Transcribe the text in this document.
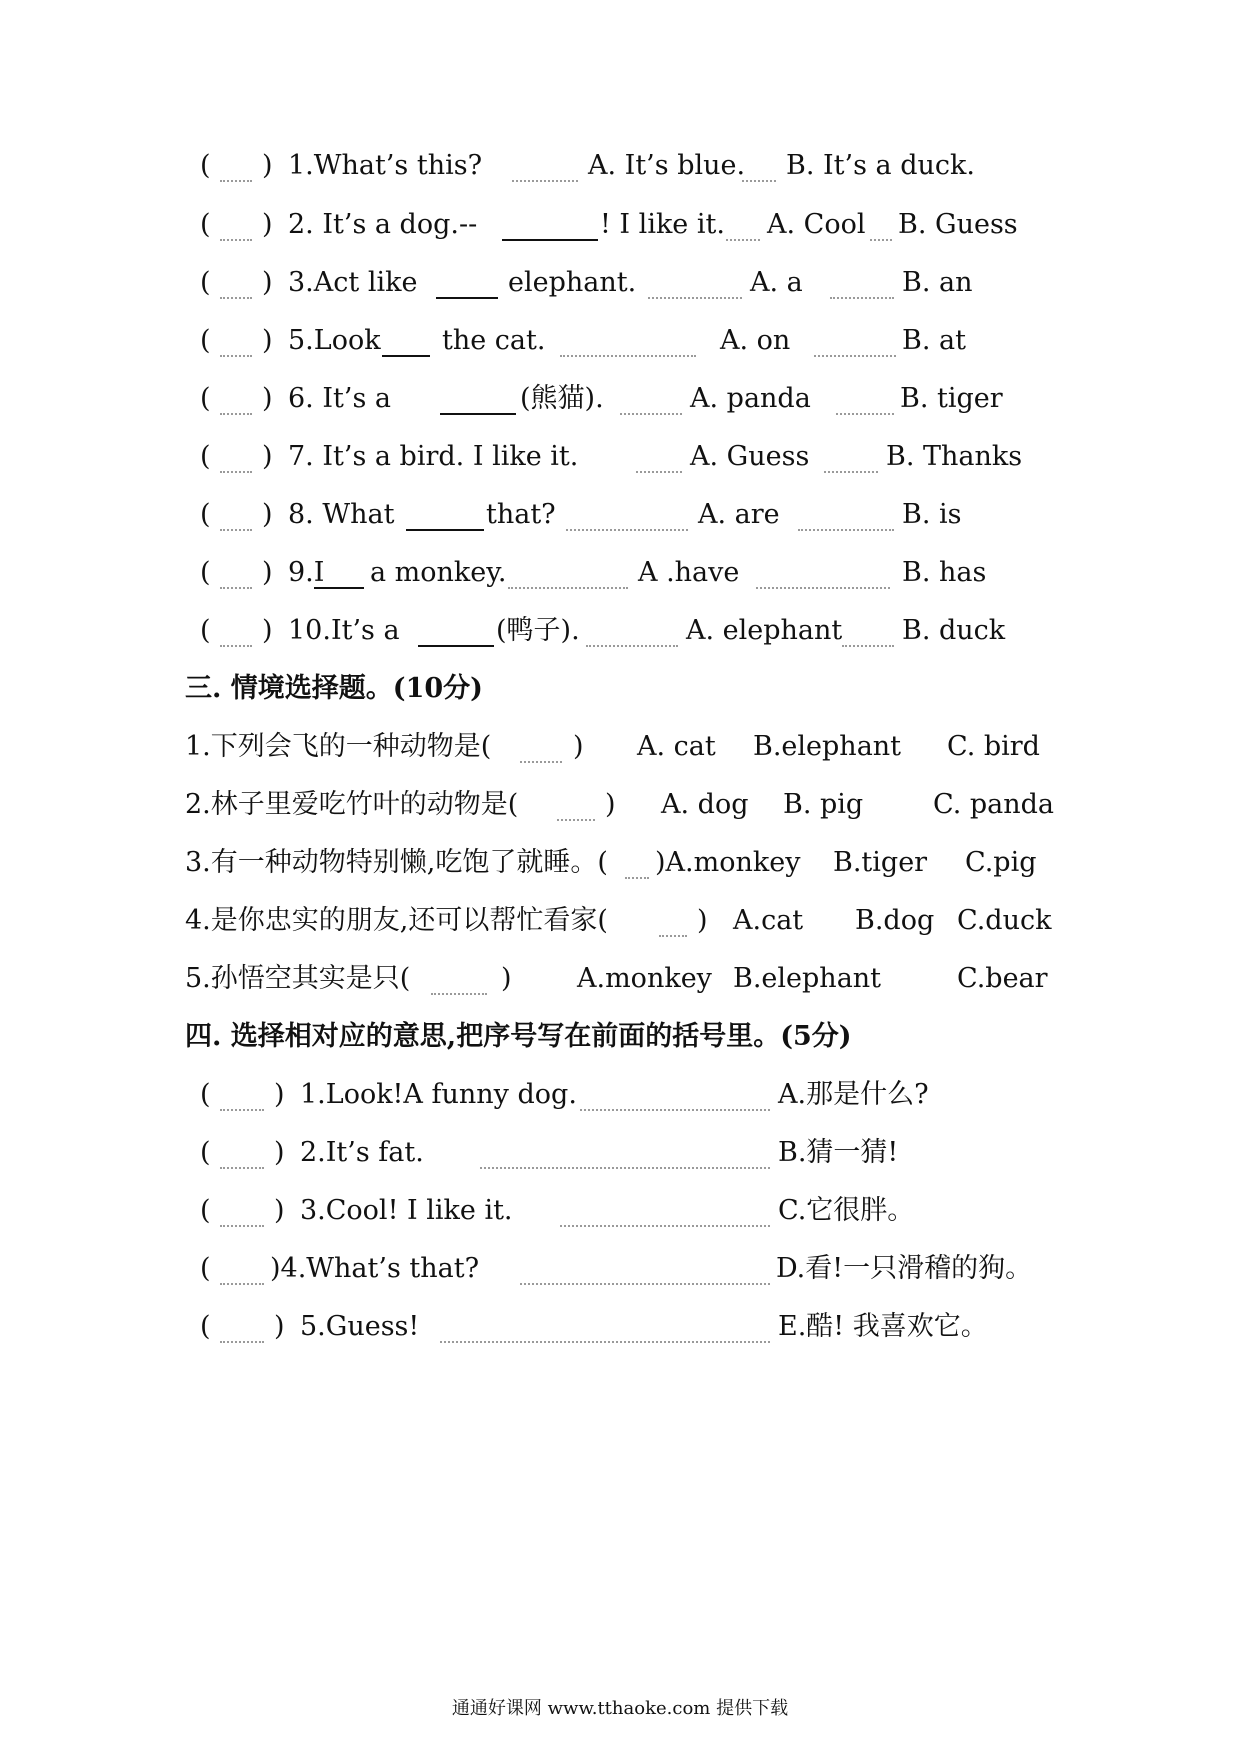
( ) 1.What’s this?	A. It’s blue. B. It’s a duck.
( ) 2. It’s a dog.--	! I like it. A. Cool B. Guess
( ) 3.Act like	elephant.	A. a	B. an
( ) 5.Look the cat.	A. on	B. at
( ) 6. It’s a	(熊猫).	A. panda	B. tiger
( ) 7. It’s a bird. I like it.	A. Guess	B. Thanks
( ) 8. What	that?	A. are	B. is
( ) 9.I a monkey.	A .have	B. has
( ) 10.It’s a	(鸭子).	A. elephant B. duck
三. 情境选择题。(10分)
1.下列会飞的一种动物是(	) A. cat B.elephant C. bird
2.林子里爱吃竹叶的动物是(	) A. dog B. pig	C. panda
3.有一种动物特别懒,吃饱了就睡。( )A.monkey B.tiger C.pig
4.是你忠实的朋友,还可以帮忙看家(	) A.cat B.dog C.duck
5.孙悟空其实是只(	) A.monkey B.elephant	C.bear
四. 选择相对应的意思,把序号写在前面的括号里。(5分)
( ) 1.Look!A funny dog.	A.那是什么?
( ) 2.It’s fat.	B.猜一猜!
( ) 3.Cool! I like it.	C.它很胖。
( )4.What’s that?	D.看!一只滑稽的狗。
( ) 5.Guess!	E.酷! 我喜欢它。
通通好课网 www.tthaoke.com 提供下载
